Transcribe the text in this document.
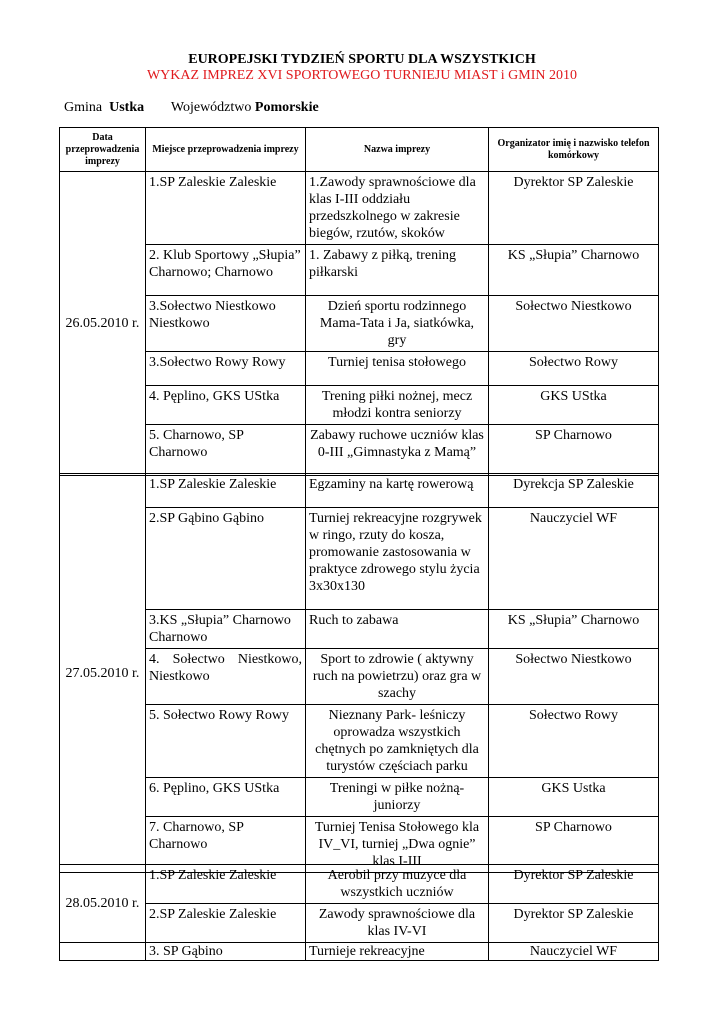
EUROPEJSKI TYDZIEŃ SPORTU DLA WSZYSTKICH
WYKAZ IMPREZ XVI SPORTOWEGO TURNIEJU MIAST i GMIN 2010
Gmina Ustka Województwo Pomorskie
Data przeprowadzenia imprezy	Miejsce przeprowadzenia imprezy	Nazwa imprezy	Organizator imię i nazwisko telefon komórkowy
26.05.2010 r.	1.SP Zaleskie Zaleskie	1.Zawody sprawnościowe dla klas I-III oddziału przedszkolnego w zakresie biegów, rzutów, skoków	Dyrektor SP Zaleskie
	2. Klub Sportowy „Słupia” Charnowo; Charnowo	1. Zabawy z piłką, trening piłkarski	KS „Słupia” Charnowo
	3.Sołectwo Niestkowo Niestkowo	Dzień sportu rodzinnego Mama-Tata i Ja, siatkówka, gry	Sołectwo Niestkowo
	3.Sołectwo Rowy Rowy	Turniej tenisa stołowego	Sołectwo Rowy
	4. Pęplino, GKS UStka	Trening piłki nożnej, mecz młodzi kontra seniorzy	GKS UStka
	5. Charnowo, SP Charnowo	Zabawy ruchowe uczniów klas 0-III „Gimnastyka z Mamą”	SP Charnowo
27.05.2010 r.	1.SP Zaleskie Zaleskie	Egzaminy na kartę rowerową	Dyrekcja SP Zaleskie
	2.SP Gąbino Gąbino	Turniej rekreacyjne rozgrywek w ringo, rzuty do kosza, promowanie zastosowania w praktyce zdrowego stylu życia 3x30x130	Nauczyciel WF
	3.KS „Słupia” Charnowo Charnowo	Ruch to zabawa	KS „Słupia” Charnowo
	4. Sołectwo Niestkowo, Niestkowo	Sport to zdrowie ( aktywny ruch na powietrzu) oraz gra w szachy	Sołectwo Niestkowo
	5. Sołectwo Rowy Rowy	Nieznany Park- leśniczy oprowadza wszystkich chętnych po zamkniętych dla turystów częściach parku	Sołectwo Rowy
	6. Pęplino, GKS UStka	Treningi w piłke nożną-juniorzy	GKS Ustka
	7. Charnowo, SP Charnowo	Turniej Tenisa Stołowego kla IV_VI, turniej „Dwa ognie” klas I-III	SP Charnowo
28.05.2010 r.	1.SP Zaleskie Zaleskie	Aerobil przy muzyce dla wszystkich uczniów	Dyrektor SP Zaleskie
	2.SP Zaleskie Zaleskie	Zawody sprawnościowe dla klas IV-VI	Dyrektor SP Zaleskie
	3. SP Gąbino	Turnieje rekreacyjne	Nauczyciel WF
